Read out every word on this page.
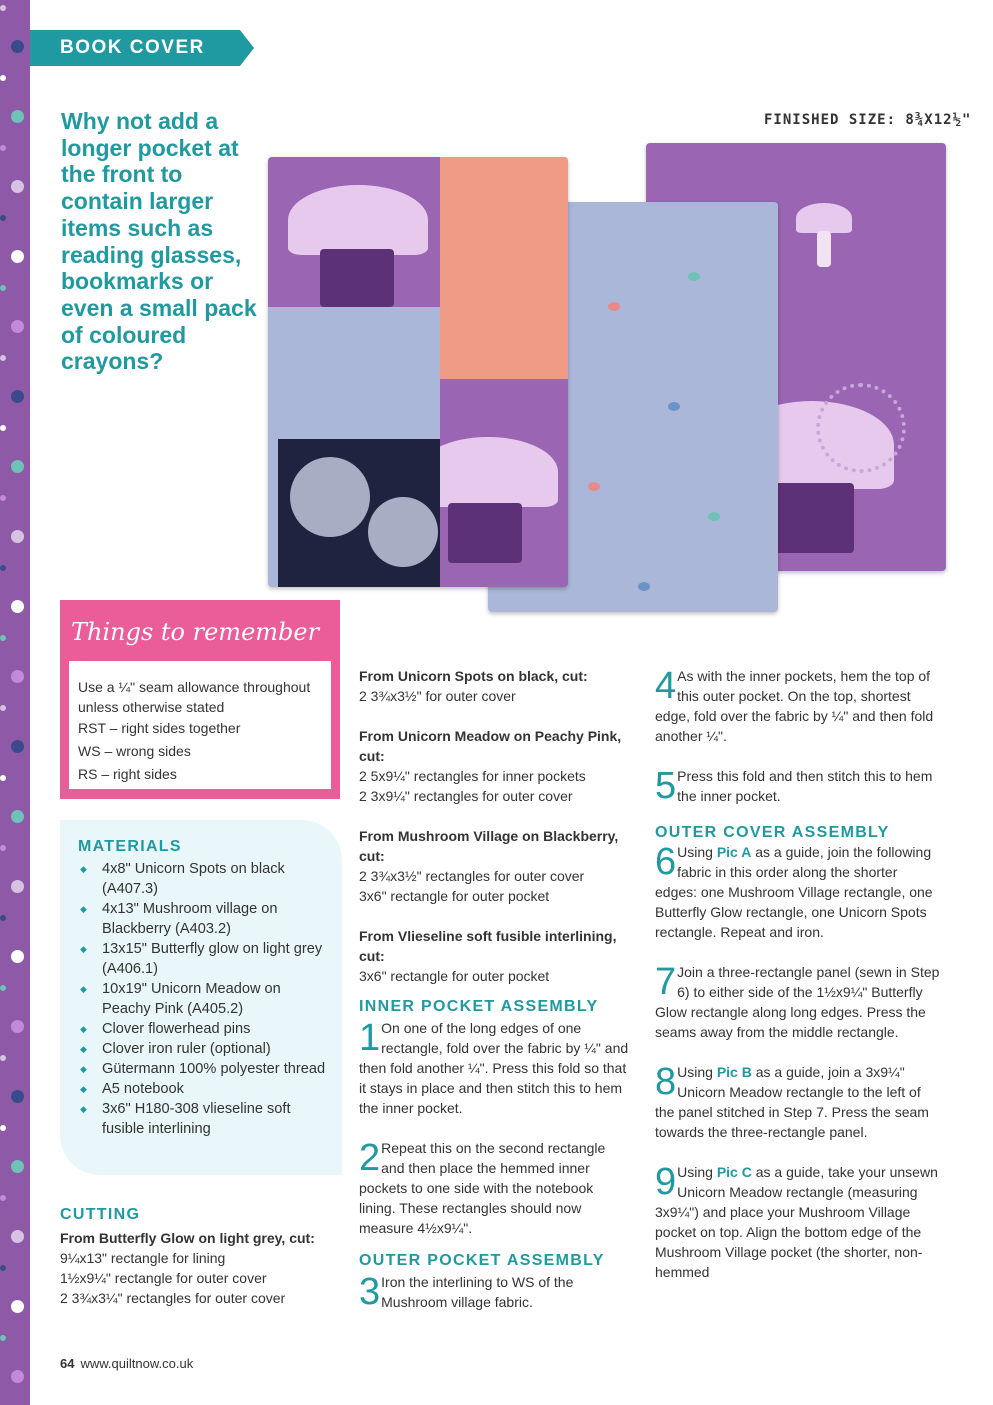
BOOK COVER
Why not add a longer pocket at the front to contain larger items such as reading glasses, bookmarks or even a small pack of coloured crayons?
FINISHED SIZE: 8¾X12½"
Things to remember

Use a ¼" seam allowance throughout unless otherwise stated

RST – right sides together

WS – wrong sides

RS – right sides

MATERIALS
◆ 4x8" Unicorn Spots on black (A407.3)
◆ 4x13" Mushroom village on Blackberry (A403.2)
◆ 13x15" Butterfly glow on light grey (A406.1)
◆ 10x19" Unicorn Meadow on Peachy Pink (A405.2)
◆ Clover flowerhead pins
◆ Clover iron ruler (optional)
◆ Gütermann 100% polyester thread
◆ A5 notebook
◆ 3x6" H180-308 vlieseline soft fusible interlining
CUTTING
From Butterfly Glow on light grey, cut:
9¼x13" rectangle for lining
1½x9¼" rectangle for outer cover
2 3¾x3¼" rectangles for outer cover
From Unicorn Spots on black, cut:
2 3¾x3½" for outer cover
From Unicorn Meadow on Peachy Pink, cut:
2 5x9¼" rectangles for inner pockets
2 3x9¼" rectangles for outer cover
From Mushroom Village on Blackberry, cut:
2 3¾x3½" rectangles for outer cover
3x6" rectangle for outer pocket
From Vlieseline soft fusible interlining, cut:
3x6" rectangle for outer pocket
INNER POCKET ASSEMBLY
1 On one of the long edges of one rectangle, fold over the fabric by ¼" and then fold another ¼". Press this fold so that it stays in place and then stitch this to hem the inner pocket.
2 Repeat this on the second rectangle and then place the hemmed inner pockets to one side with the notebook lining. These rectangles should now measure 4½x9¼".
OUTER POCKET ASSEMBLY
3 Iron the interlining to WS of the Mushroom village fabric.
4 As with the inner pockets, hem the top of this outer pocket. On the top, shortest edge, fold over the fabric by ¼" and then fold another ¼".
5 Press this fold and then stitch this to hem the inner pocket.
OUTER COVER ASSEMBLY
6 Using Pic A as a guide, join the following fabric in this order along the shorter edges: one Mushroom Village rectangle, one Butterfly Glow rectangle, one Unicorn Spots rectangle. Repeat and iron.
7 Join a three-rectangle panel (sewn in Step 6) to either side of the 1½x9¼" Butterfly Glow rectangle along long edges. Press the seams away from the middle rectangle.
8 Using Pic B as a guide, join a 3x9¼" Unicorn Meadow rectangle to the left of the panel stitched in Step 7. Press the seam towards the three-rectangle panel.
9 Using Pic C as a guide, take your unsewn Unicorn Meadow rectangle (measuring 3x9¼") and place your Mushroom Village pocket on top. Align the bottom edge of the Mushroom Village pocket (the shorter, non-hemmed
64 www.quiltnow.co.uk
